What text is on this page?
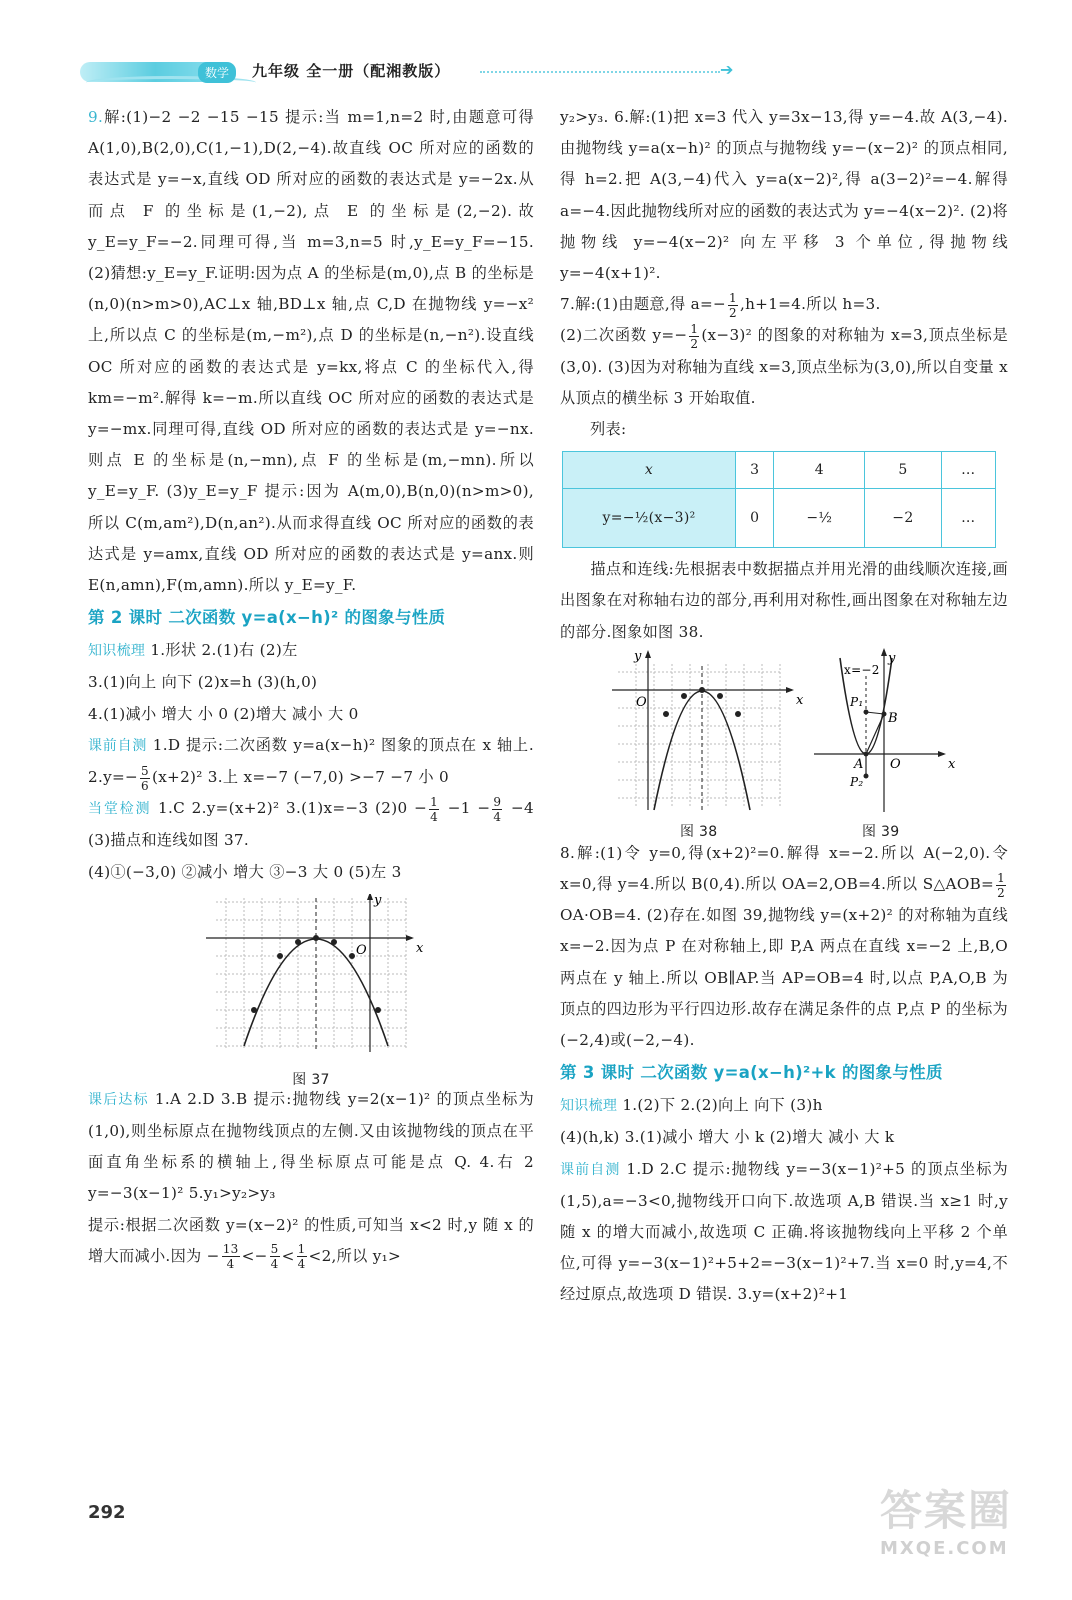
数学	九年级 全一册（配湘教版）	➔

9.解:(1)−2 −2 −15 −15 提示:当 m=1,n=2 时,由题意可得 A(1,0),B(2,0),C(1,−1),D(2,−4).故直线 OC 所对应的函数的表达式是 y=−x,直线 OD 所对应的函数的表达式是 y=−2x.从而点 F 的坐标是(1,−2),点 E 的坐标是(2,−2).故 y_E=y_F=−2.同理可得,当 m=3,n=5 时,y_E=y_F=−15. (2)猜想:y_E=y_F.证明:因为点 A 的坐标是(m,0),点 B 的坐标是(n,0)(n>m>0),AC⊥x 轴,BD⊥x 轴,点 C,D 在抛物线 y=−x² 上,所以点 C 的坐标是(m,−m²),点 D 的坐标是(n,−n²).设直线 OC 所对应的函数的表达式是 y=kx,将点 C 的坐标代入,得 km=−m².解得 k=−m.所以直线 OC 所对应的函数的表达式是 y=−mx.同理可得,直线 OD 所对应的函数的表达式是 y=−nx.则点 E 的坐标是(n,−mn),点 F 的坐标是(m,−mn).所以 y_E=y_F. (3)y_E=y_F 提示:因为 A(m,0),B(n,0)(n>m>0),所以 C(m,am²),D(n,an²).从而求得直线 OC 所对应的函数的表达式是 y=amx,直线 OD 所对应的函数的表达式是 y=anx.则 E(n,amn),F(m,amn).所以 y_E=y_F.

第 2 课时 二次函数 y=a(x−h)² 的图象与性质

知识梳理 1.形状 2.(1)右 (2)左

3.(1)向上 向下 (2)x=h (3)(h,0)

4.(1)减小 增大 小 0 (2)增大 减小 大 0

课前自测 1.D 提示:二次函数 y=a(x−h)² 图象的顶点在 x 轴上. $2.y=- \frac{5}{6} (x+2)^2$ 3.上 x=−7 (−7,0) >−7 −7 小 0

当堂检测 1.C 2.y=(x+2)² 3.(1)x=−3 $(2)0 - \frac{1}{4} -1 - \frac{9}{4} -4$ (3)描点和连线如图 37.

(4)①(−3,0) ②减小 增大 ③−3 大 0 (5)左 3

y
x
O
图 37

课后达标 1.A 2.D 3.B 提示:抛物线 y=2(x−1)² 的顶点坐标为(1,0),则坐标原点在抛物线顶点的左侧.又由该抛物线的顶点在平面直角坐标系的横轴上,得坐标原点可能是点 Q. 4.右 2 y=−3(x−1)² 5.y₁>y₂>y₃

提示:根据二次函数 y=(x−2)² 的性质,可知当 x<2 时,y 随 x 的增大而减小.因为 − $\frac{13}{4} <- \frac{5}{4} < \frac{1}{4} <2$,所以 y₁>

y₂>y₃. 6.解:(1)把 x=3 代入 y=3x−13,得 y=−4.故 A(3,−4).由抛物线 y=a(x−h)² 的顶点与抛物线 y=−(x−2)² 的顶点相同,得 h=2.把 A(3,−4)代入 y=a(x−2)²,得 a(3−2)²=−4.解得 a=−4.因此抛物线所对应的函数的表达式为 y=−4(x−2)². (2)将抛物线 y=−4(x−2)² 向左平移 3 个单位,得抛物线 y=−4(x+1)².

7.解:(1)由题意,得 $a=- \frac{1}{2} ,h+1=4$.所以 h=3.

(2)二次函数 $y=- \frac{1}{2} (x-3)^2$ 的图象的对称轴为 x=3,顶点坐标是(3,0). (3)因为对称轴为直线 x=3,顶点坐标为(3,0),所以自变量 x 从顶点的横坐标 3 开始取值.

列表:

x	3	4	5	…
y=−½(x−3)²	0	−½	−2	…

描点和连线:先根据表中数据描点并用光滑的曲线顺次连接,画出图象在对称轴右边的部分,再利用对称性,画出图象在对称轴左边的部分.图象如图 38.

y
x
O
y
x
O
A
B
P₁
P₂
x=−2
图 38	图 39

8.解:(1)令 y=0,得(x+2)²=0.解得 x=−2.所以 A(−2,0).令 x=0,得 y=4.所以 B(0,4).所以 OA=2,OB=4.所以 S△AOB= $\frac{1}{2}$
OA·OB=4. (2)存在.如图 39,抛物线 y=(x+2)² 的对称轴为直线 x=−2.因为点 P 在对称轴上,即 P,A 两点在直线 x=−2 上,B,O 两点在 y 轴上.所以 OB∥AP.当 AP=OB=4 时,以点 P,A,O,B 为顶点的四边形为平行四边形.故存在满足条件的点 P,点 P 的坐标为(−2,4)或(−2,−4).

第 3 课时 二次函数 y=a(x−h)²+k 的图象与性质

知识梳理 1.(2)下 2.(2)向上 向下 (3)h

(4)(h,k) 3.(1)减小 增大 小 k (2)增大 减小 大 k

课前自测 1.D 2.C 提示:抛物线 y=−3(x−1)²+5 的顶点坐标为(1,5),a=−3<0,抛物线开口向下.故选项 A,B 错误.当 x≥1 时,y 随 x 的增大而减小,故选项 C 正确.将该抛物线向上平移 2 个单位,可得 y=−3(x−1)²+5+2=−3(x−1)²+7.当 x=0 时,y=4,不经过原点,故选项 D 错误. 3.y=(x+2)²+1

292	答案圈
MXQE.COM
